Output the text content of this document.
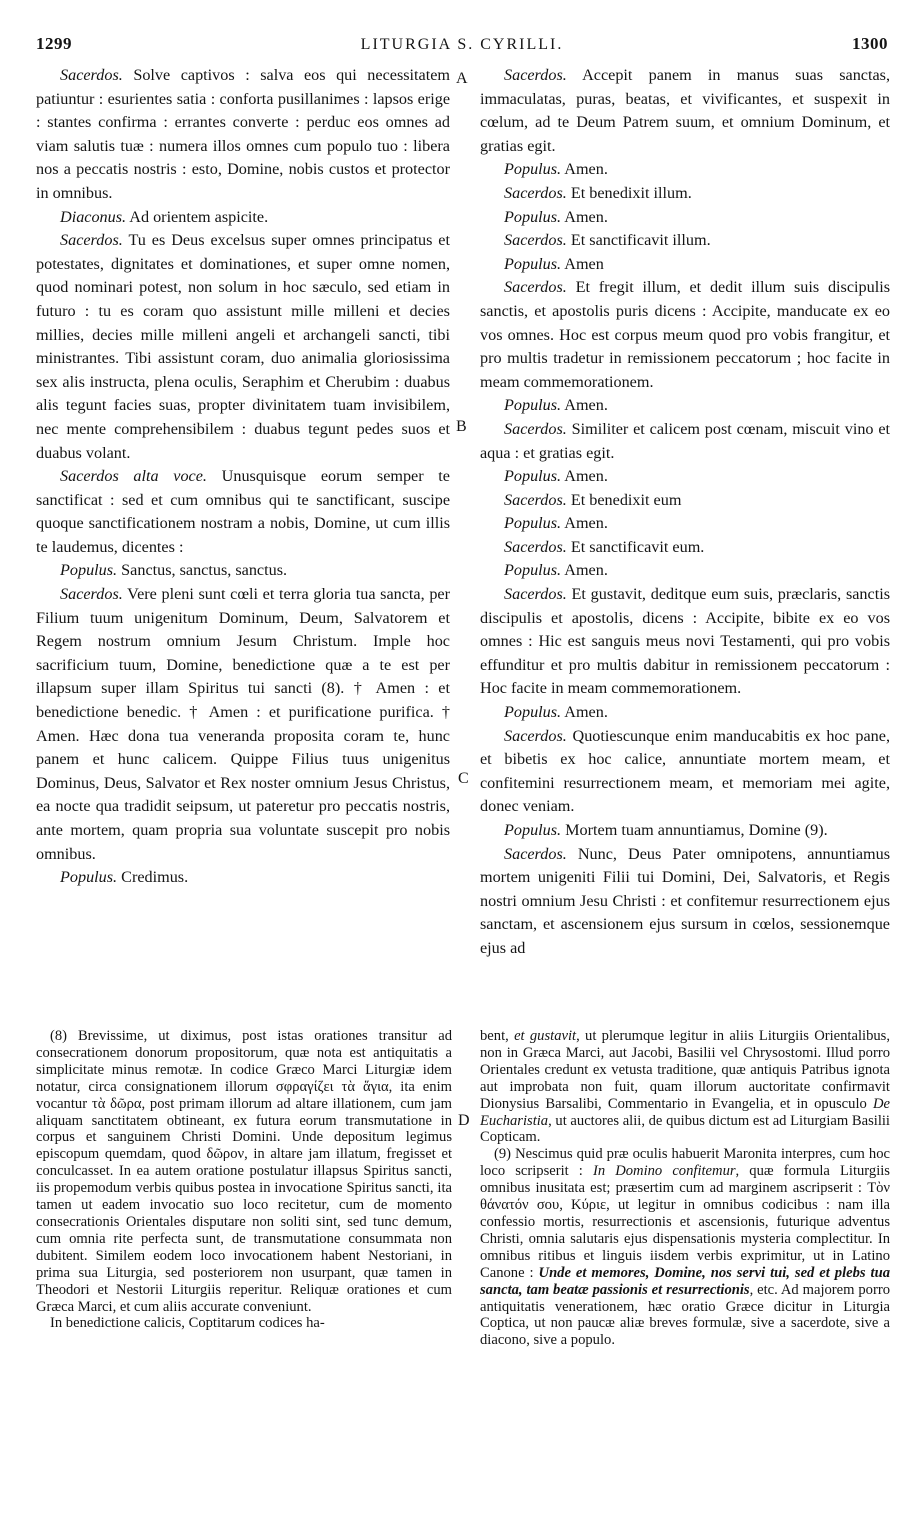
1299	LITURGIA S. CYRILLI.	1300
A
B
C
D

Sacerdos. Solve captivos : salva eos qui necessitatem patiuntur : esurientes satia : conforta pusillanimes : lapsos erige : stantes confirma : errantes converte : perduc eos omnes ad viam salutis tuæ : numera illos omnes cum populo tuo : libera nos a peccatis nostris : esto, Domine, nobis custos et protector in omnibus.

Diaconus. Ad orientem aspicite.

Sacerdos. Tu es Deus excelsus super omnes principatus et potestates, dignitates et dominationes, et super omne nomen, quod nominari potest, non solum in hoc sæculo, sed etiam in futuro : tu es coram quo assistunt mille milleni et decies millies, decies mille milleni angeli et archangeli sancti, tibi ministrantes. Tibi assistunt coram, duo animalia gloriosissima sex alis instructa, plena oculis, Seraphim et Cherubim : duabus alis tegunt facies suas, propter divinitatem tuam invisibilem, nec mente comprehensibilem : duabus tegunt pedes suos et duabus volant.

Sacerdos alta voce. Unusquisque eorum semper te sanctificat : sed et cum omnibus qui te sanctificant, suscipe quoque sanctificationem nostram a nobis, Domine, ut cum illis te laudemus, dicentes :

Populus. Sanctus, sanctus, sanctus.

Sacerdos. Vere pleni sunt cœli et terra gloria tua sancta, per Filium tuum unigenitum Dominum, Deum, Salvatorem et Regem nostrum omnium Jesum Christum. Imple hoc sacrificium tuum, Domine, benedictione quæ a te est per illapsum super illam Spiritus tui sancti (8). † Amen : et benedictione benedic. † Amen : et purificatione purifica. † Amen. Hæc dona tua veneranda proposita coram te, hunc panem et hunc calicem. Quippe Filius tuus unigenitus Dominus, Deus, Salvator et Rex noster omnium Jesus Christus, ea nocte qua tradidit seipsum, ut pateretur pro peccatis nostris, ante mortem, quam propria sua voluntate suscepit pro nobis omnibus.

Populus. Credimus.

Sacerdos. Accepit panem in manus suas sanctas, immaculatas, puras, beatas, et vivificantes, et suspexit in cœlum, ad te Deum Patrem suum, et omnium Dominum, et gratias egit.

Populus. Amen.

Sacerdos. Et benedixit illum.

Populus. Amen.

Sacerdos. Et sanctificavit illum.

Populus. Amen

Sacerdos. Et fregit illum, et dedit illum suis discipulis sanctis, et apostolis puris dicens : Accipite, manducate ex eo vos omnes. Hoc est corpus meum quod pro vobis frangitur, et pro multis tradetur in remissionem peccatorum ; hoc facite in meam commemorationem.

Populus. Amen.

Sacerdos. Similiter et calicem post cœnam, miscuit vino et aqua : et gratias egit.

Populus. Amen.

Sacerdos. Et benedixit eum

Populus. Amen.

Sacerdos. Et sanctificavit eum.

Populus. Amen.

Sacerdos. Et gustavit, deditque eum suis, præclaris, sanctis discipulis et apostolis, dicens : Accipite, bibite ex eo vos omnes : Hic est sanguis meus novi Testamenti, qui pro vobis effunditur et pro multis dabitur in remissionem peccatorum : Hoc facite in meam commemorationem.

Populus. Amen.

Sacerdos. Quotiescunque enim manducabitis ex hoc pane, et bibetis ex hoc calice, annuntiate mortem meam, et confitemini resurrectionem meam, et memoriam mei agite, donec veniam.

Populus. Mortem tuam annuntiamus, Domine (9).

Sacerdos. Nunc, Deus Pater omnipotens, annuntiamus mortem unigeniti Filii tui Domini, Dei, Salvatoris, et Regis nostri omnium Jesu Christi : et confitemur resurrectionem ejus sanctam, et ascensionem ejus sursum in cœlos, sessionemque ejus ad

(8) Brevissime, ut diximus, post istas orationes transitur ad consecrationem donorum propositorum, quæ nota est antiquitatis a simplicitate minus remotæ. In codice Græco Marci Liturgiæ idem notatur, circa consignationem illorum σφραγίζει τὰ ἅγια, ita enim vocantur τὰ δῶρα, post primam illorum ad altare illationem, cum jam aliquam sanctitatem obtineant, ex futura eorum transmutatione in corpus et sanguinem Christi Domini. Unde depositum legimus episcopum quemdam, quod δῶρον, in altare jam illatum, fregisset et conculcasset. In ea autem oratione postulatur illapsus Spiritus sancti, iis propemodum verbis quibus postea in invocatione Spiritus sancti, ita tamen ut eadem invocatio suo loco recitetur, cum de momento consecrationis Orientales disputare non soliti sint, sed tunc demum, cum omnia rite perfecta sunt, de transmutatione consummata non dubitent. Similem eodem loco invocationem habent Nestoriani, in prima sua Liturgia, sed posteriorem non usurpant, quæ tamen in Theodori et Nestorii Liturgiis reperitur. Reliquæ orationes et cum Græca Marci, et cum aliis accurate conveniunt.

In benedictione calicis, Coptitarum codices ha-

bent, et gustavit, ut plerumque legitur in aliis Liturgiis Orientalibus, non in Græca Marci, aut Jacobi, Basilii vel Chrysostomi. Illud porro Orientales credunt ex vetusta traditione, quæ antiquis Patribus ignota aut improbata non fuit, quam illorum auctoritate confirmavit Dionysius Barsalibi, Commentario in Evangelia, et in opusculo De Eucharistia, ut auctores alii, de quibus dictum est ad Liturgiam Basilii Copticam.

(9) Nescimus quid præ oculis habuerit Maronita interpres, cum hoc loco scripserit : In Domino confitemur, quæ formula Liturgiis omnibus inusitata est; præsertim cum ad marginem ascripserit : Τὸν θάνατόν σου, Κύριε, ut legitur in omnibus codicibus : nam illa confessio mortis, resurrectionis et ascensionis, futurique adventus Christi, omnia salutaris ejus dispensationis mysteria complectitur. In omnibus ritibus et linguis iisdem verbis exprimitur, ut in Latino Canone : Unde et memores, Domine, nos servi tui, sed et plebs tua sancta, tam beatæ passionis et resurrectionis, etc. Ad majorem porro antiquitatis venerationem, hæc oratio Græce dicitur in Liturgia Coptica, ut non paucæ aliæ breves formulæ, sive a sacerdote, sive a diacono, sive a populo.
